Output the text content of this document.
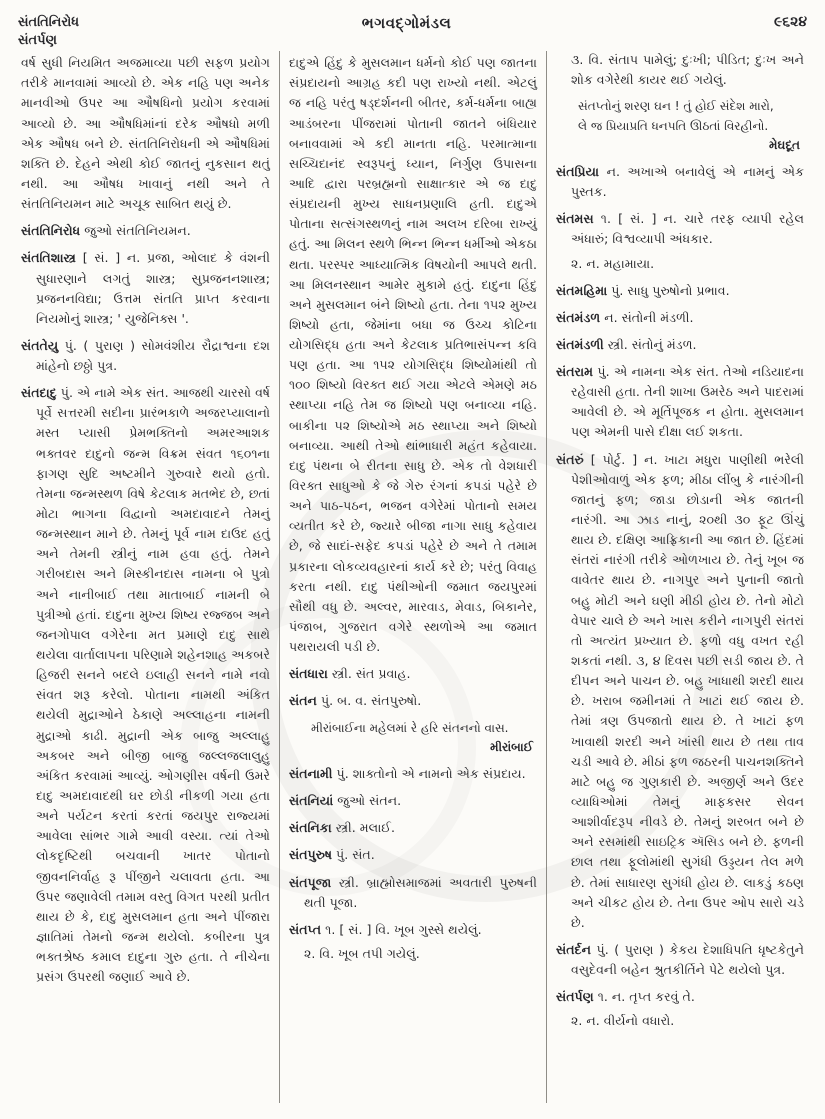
સંતતિનિરોધ
સંતર્પણ
ભગવદ્ગોમંડલ	૯૬૨૪

વર્ષ સુધી નિયમિત અજમાવ્યા પછી સફળ પ્રયોગ તરીકે માનવામાં આવ્યો છે. એક નહિ પણ અનેક માનવીઓ ઉપર આ ઔષધિનો પ્રયોગ કરવામાં આવ્યો છે. આ ઔષધિમાંનાં દરેક ઔષધો મળી એક ઔષધ બને છે. સંતતિનિરોધની એ ઔષધિમાં શક્તિ છે. દેહને એથી કોઈ જાતનું નુકસાન થતું નથી. આ ઔષધ ખાવાનું નથી અને તે સંતતિનિયમન માટે અચૂક સાબિત થયું છે.

સંતતિનિરોધ જુઓ સંતતિનિયમન.

સંતતિશાસ્ત્ર [ સં. ] ન. પ્રજા, ઓલાદ કે વંશની સુધારણાને લગતું શાસ્ત્ર; સુપ્રજનનશાસ્ત્ર; પ્રજનનવિદ્યા; ઉત્તમ સંતતિ પ્રાપ્ત કરવાના નિયમોનું શાસ્ત્ર; ' યુજેનિક્સ '.

સંતતેયુ પું. ( પુરાણ ) સોમવંશીય રૌદ્રાશ્વના દશ માંહેનો છઠ્ઠો પુત્ર.

સંતદાદુ પું. એ નામે એક સંત. આજથી ચારસો વર્ષ પૂર્વે સત્તરમી સદીના પ્રારંભકાળે અજરપ્યાલાનો મસ્ત પ્યાસી પ્રેમભક્તિનો અમરઆશક ભક્તવર દાદુનો જન્મ વિક્રમ સંવત ૧૬૦૧ના ફાગણ સુદિ અષ્ટમીને ગુરુવારે થયો હતો. તેમના જન્મસ્થળ વિષે કેટલાક મતભેદ છે, છતાં મોટા ભાગના વિદ્વાનો અમદાવાદને તેમનું જન્મસ્થાન માને છે. તેમનું પૂર્વ નામ દાઉદ હતું અને તેમની સ્ત્રીનું નામ હવા હતું. તેમને ગરીબદાસ અને મિસ્કીનદાસ નામના બે પુત્રો અને નાનીબાઈ તથા માતાબાઈ નામની બે પુત્રીઓ હતાં. દાદુના મુખ્ય શિષ્ય રજ્જબ અને જનગોપાલ વગેરેના મત પ્રમાણે દાદુ સાથે થયેલા વાર્તાલાપના પરિણામે શહેનશાહ અકબરે હિજરી સનને બદલે ઇલાહી સનને નામે નવો સંવત શરૂ કરેલો. પોતાના નામથી અંકિત થયેલી મુદ્રાઓને ઠેકાણે અલ્લાહના નામની મુદ્રાઓ કાઢી. મુદ્રાની એક બાજુ અલ્લાહુ અકબર અને બીજી બાજુ જલ્લજલાલુહુ અંકિત કરવામાં આવ્યું. ઓગણીસ વર્ષની ઉમરે દાદુ અમદાવાદથી ઘર છોડી નીકળી ગયા હતા અને પર્યટન કરતાં કરતાં જયપુર રાજ્યમાં આવેલા સાંભર ગામે આવી વસ્યા. ત્યાં તેઓ લોકદૃષ્ટિથી બચવાની ખાતર પોતાનો જીવનનિર્વાહ રૂ પીંજીને ચલાવતા હતા. આ ઉપર જણાવેલી તમામ વસ્તુ વિગત પરથી પ્રતીત થાય છે કે, દાદુ મુસલમાન હતા અને પીંજારા જ્ઞાતિમાં તેમનો જન્મ થયેલો. કબીરના પુત્ર ભક્તશ્રેષ્ઠ કમાલ દાદુના ગુરુ હતા. તે નીચેના પ્રસંગ ઉપરથી જણાઈ આવે છે.

દાદુએ હિંદુ કે મુસલમાન ધર્મનો કોઈ પણ જાતના સંપ્રદાયનો આગ્રહ કદી પણ રાખ્યો નથી. એટલું જ નહિ પરંતુ ષડ્દર્શનની બીતર, કર્મ-ધર્મના બાહ્ય આડંબરના પીંજરામાં પોતાની જાતને બંધિયાર બનાવવામાં એ કદી માનતા નહિ. પરમાત્માના સચ્ચિદાનંદ સ્વરૂપનું ધ્યાન, નિર્ગુણ ઉપાસના આદિ દ્વારા પરબ્રહ્મનો સાક્ષાત્કાર એ જ દાદુ સંપ્રદાયની મુખ્ય સાધનપ્રણાલિ હતી. દાદુએ પોતાના સત્સંગસ્થળનું નામ અલખ દરિબા રાખ્યું હતું. આ મિલન સ્થળે ભિન્ન ભિન્ન ધર્મીઓ એકઠા થતા. પરસ્પર આધ્યાત્મિક વિષયોની આપલે થતી. આ મિલનસ્થાન આમેર મુકામે હતું. દાદુના હિંદુ અને મુસલમાન બંને શિષ્યો હતા. તેના ૧૫૨ મુખ્ય શિષ્યો હતા, જેમાંના બધા જ ઉચ્ચ કોટિના યોગસિદ્ધ હતા અને કેટલાક પ્રતિભાસંપન્ન કવિ પણ હતા. આ ૧૫૨ યોગસિદ્ધ શિષ્યોમાંથી તો ૧૦૦ શિષ્યો વિરક્ત થઈ ગયા એટલે એમણે મઠ સ્થાપ્યા નહિ તેમ જ શિષ્યો પણ બનાવ્યા નહિ. બાકીના ૫૨ શિષ્યોએ મઠ સ્થાપ્યા અને શિષ્યો બનાવ્યા. આથી તેઓ થાંભાધારી મહંત કહેવાયા. દાદુ પંથના બે રીતના સાધુ છે. એક તો વેશધારી વિરક્ત સાધુઓ કે જે ગેરુ રંગનાં કપડાં પહેરે છે અને પાઠ-પઠન, ભજન વગેરેમાં પોતાનો સમય વ્યતીત કરે છે, જ્યારે બીજા નાગા સાધુ કહેવાય છે, જે સાદાં-સફેદ કપડાં પહેરે છે અને તે તમામ પ્રકારના લોકવ્યવહારનાં કાર્ય કરે છે; પરંતુ વિવાહ કરતા નથી. દાદુ પંથીઓની જમાત જયપુરમાં સૌથી વધુ છે. અલ્વર, મારવાડ, મેવાડ, બિકાનેર, પંજાબ, ગુજરાત વગેરે સ્થળોએ આ જમાત પથરાયલી પડી છે.

સંતધારા સ્ત્રી. સંત પ્રવાહ.

સંતન પું. બ. વ. સંતપુરુષો.

મીરાંબાઈના મહેલમાં રે હરિ સંતનનો વાસ.
મીરાંબાઈ

સંતનામી પું. શાક્તોનો એ નામનો એક સંપ્રદાય.

સંતનિયાં જુઓ સંતન.

સંતનિકા સ્ત્રી. મલાઈ.

સંતપુરુષ પું. સંત.

સંતપૂજા સ્ત્રી. બ્રાહ્મોસમાજમાં અવતારી પુરુષની થતી પૂજા.

સંતપ્ત ૧. [ સં. ] વિ. ખૂબ ગુસ્સે થયેલું.

૨. વિ. ખૂબ તપી ગયેલું.

૩. વિ. સંતાપ પામેલું; દુઃખી; પીડિત; દુઃખ અને શોક વગેરેથી કાયર થઈ ગયેલું.

સંતપ્તોનું શરણ ઘન ! તું હોઈ સંદેશ મારો,
લે જ પ્રિયાપ્રતિ ધનપતિ ઊઠતાં વિરહીનો.
મેઘદૂત

સંતપ્રિયા ન. અખાએ બનાવેલું એ નામનું એક પુસ્તક.

સંતમસ ૧. [ સં. ] ન. ચારે તરફ વ્યાપી રહેલ અંધારું; વિશ્વવ્યાપી અંધકાર.

૨. ન. મહામાયા.

સંતમહિમા પું. સાધુ પુરુષોનો પ્રભાવ.

સંતમંડળ ન. સંતોની મંડળી.

સંતમંડળી સ્ત્રી. સંતોનું મંડળ.

સંતરામ પું. એ નામના એક સંત. તેઓ નડિયાદના રહેવાસી હતા. તેની શાખા ઉમરેઠ અને પાદરામાં આવેલી છે. એ મૂર્તિપૂજક ન હોતા. મુસલમાન પણ એમની પાસે દીક્ષા લઈ શકતા.

સંતરું [ પોર્ટુ. ] ન. ખાટા મધુરા પાણીથી ભરેલી પેશીઓવાળું એક ફળ; મીઠા લીંબુ કે નારંગીની જાતનું ફળ; જાડા છોડાની એક જાતની નારંગી. આ ઝાડ નાનું, ૨૦થી ૩૦ ફૂટ ઊંચું થાય છે. દક્ષિણ આફ્રિકાની આ જાત છે. હિંદમાં સંતરાં નારંગી તરીકે ઓળખાય છે. તેનું ખૂબ જ વાવેતર થાય છે. નાગપુર અને પુનાની જાતો બહુ મોટી અને ઘણી મીઠી હોય છે. તેનો મોટો વેપાર ચાલે છે અને ખાસ કરીને નાગપુરી સંતરાં તો અત્યંત પ્રખ્યાત છે. ફળો વધુ વખત રહી શકતાં નથી. ૩, ૪ દિવસ પછી સડી જાય છે. તે દીપન અને પાચન છે. બહુ ખાધાથી શરદી થાય છે. ખરાબ જમીનમાં તે ખાટાં થઈ જાય છે. તેમાં ત્રણ ઉપજાતો થાય છે. તે ખાટાં ફળ ખાવાથી શરદી અને ખાંસી થાય છે તથા તાવ ચડી આવે છે. મીઠાં ફળ જઠરની પાચનશક્તિને માટે બહુ જ ગુણકારી છે. અજીર્ણ અને ઉદર વ્યાધિઓમાં તેમનું માફકસર સેવન આશીર્વાદરૂપ નીવડે છે. તેમનું શરબત બને છે અને રસમાંથી સાઇટ્રિક ઍસિડ બને છે. ફળની છાલ તથા ફૂલોમાંથી સુગંધી ઉડ્ડયન તેલ મળે છે. તેમાં સાધારણ સુગંધી હોય છે. લાકડું કઠણ અને ચીકટ હોય છે. તેના ઉપર ઓપ સારો ચડે છે.

સંતર્દન પું. ( પુરાણ ) કેકય દેશાધિપતિ ધૃષ્ટકેતુને વસુદેવની બહેન શ્રુતકીર્તિને પેટે થયેલો પુત્ર.

સંતર્પણ ૧. ન. તૃપ્ત કરવું તે.

૨. ન. વીર્યનો વધારો.
